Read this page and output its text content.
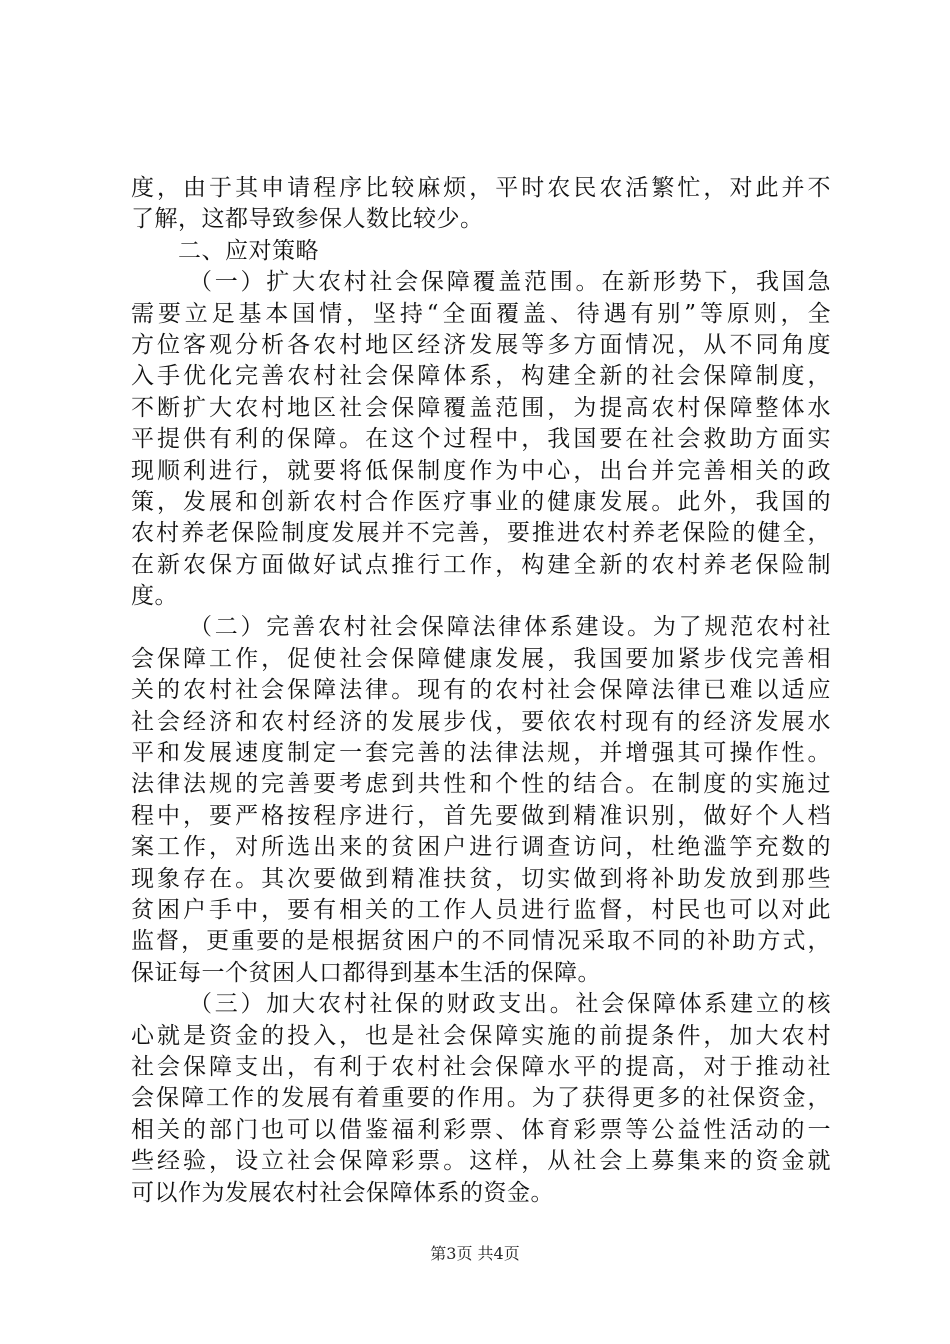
度，由于其申请程序比较麻烦，平时农民农活繁忙，对此并不
了解，这都导致参保人数比较少。
二、应对策略
（一）扩大农村社会保障覆盖范围。在新形势下，我国急
需要立足基本国情，坚持“全面覆盖、待遇有别”等原则，全
方位客观分析各农村地区经济发展等多方面情况，从不同角度
入手优化完善农村社会保障体系，构建全新的社会保障制度，
不断扩大农村地区社会保障覆盖范围，为提高农村保障整体水
平提供有利的保障。在这个过程中，我国要在社会救助方面实
现顺利进行，就要将低保制度作为中心，出台并完善相关的政
策，发展和创新农村合作医疗事业的健康发展。此外，我国的
农村养老保险制度发展并不完善，要推进农村养老保险的健全，
在新农保方面做好试点推行工作，构建全新的农村养老保险制
度。
（二）完善农村社会保障法律体系建设。为了规范农村社
会保障工作，促使社会保障健康发展，我国要加紧步伐完善相
关的农村社会保障法律。现有的农村社会保障法律已难以适应
社会经济和农村经济的发展步伐，要依农村现有的经济发展水
平和发展速度制定一套完善的法律法规，并增强其可操作性。
法律法规的完善要考虑到共性和个性的结合。在制度的实施过
程中，要严格按程序进行，首先要做到精准识别，做好个人档
案工作，对所选出来的贫困户进行调查访问，杜绝滥竽充数的
现象存在。其次要做到精准扶贫，切实做到将补助发放到那些
贫困户手中，要有相关的工作人员进行监督，村民也可以对此
监督，更重要的是根据贫困户的不同情况采取不同的补助方式，
保证每一个贫困人口都得到基本生活的保障。
（三）加大农村社保的财政支出。社会保障体系建立的核
心就是资金的投入，也是社会保障实施的前提条件，加大农村
社会保障支出，有利于农村社会保障水平的提高，对于推动社
会保障工作的发展有着重要的作用。为了获得更多的社保资金，
相关的部门也可以借鉴福利彩票、体育彩票等公益性活动的一
些经验，设立社会保障彩票。这样，从社会上募集来的资金就
可以作为发展农村社会保障体系的资金。
第3页 共4页
